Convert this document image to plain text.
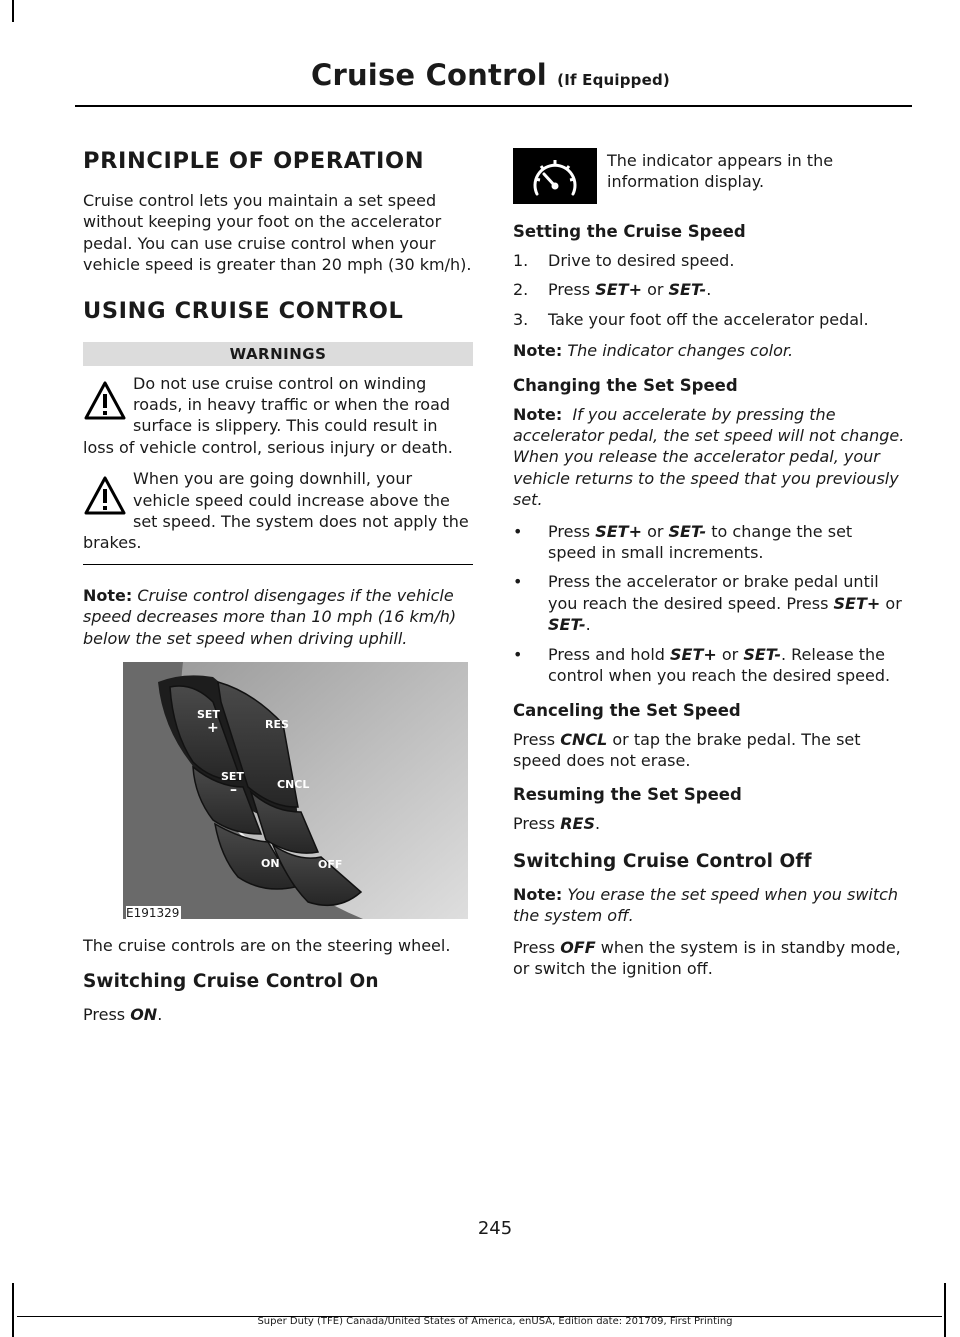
Cruise Control (If Equipped)
PRINCIPLE OF OPERATION

Cruise control lets you maintain a set speed without keeping your foot on the accelerator pedal. You can use cruise control when your vehicle speed is greater than 20 mph (30 km/h).

USING CRUISE CONTROL
WARNINGS
Do not use cruise control on winding roads, in heavy traffic or when the road surface is slippery. This could result in loss of vehicle control, serious injury or death.
When you are going downhill, your vehicle speed could increase above the set speed. The system does not apply the brakes.

Note: Cruise control disengages if the vehicle speed decreases more than 10 mph (16 km/h) below the set speed when driving uphill.

SET
+	RES
SET
–	CNCL
ON	OFF
E191329

The cruise controls are on the steering wheel.

Switching Cruise Control On

Press ON.

The indicator appears in the information display.

Setting the Cruise Speed
1. Drive to desired speed.
2. Press SET+ or SET-.
3. Take your foot off the accelerator pedal.

Note: The indicator changes color.

Changing the Set Speed

Note: If you accelerate by pressing the accelerator pedal, the set speed will not change. When you release the accelerator pedal, your vehicle returns to the speed that you previously set.

• Press SET+ or SET- to change the set speed in small increments.
• Press the accelerator or brake pedal until you reach the desired speed. Press SET+ or SET-.
• Press and hold SET+ or SET-. Release the control when you reach the desired speed.
Canceling the Set Speed

Press CNCL or tap the brake pedal. The set speed does not erase.

Resuming the Set Speed

Press RES.

Switching Cruise Control Off

Note: You erase the set speed when you switch the system off.

Press OFF when the system is in standby mode, or switch the ignition off.

245
Super Duty (TFE) Canada/United States of America, enUSA, Edition date: 201709, First Printing
